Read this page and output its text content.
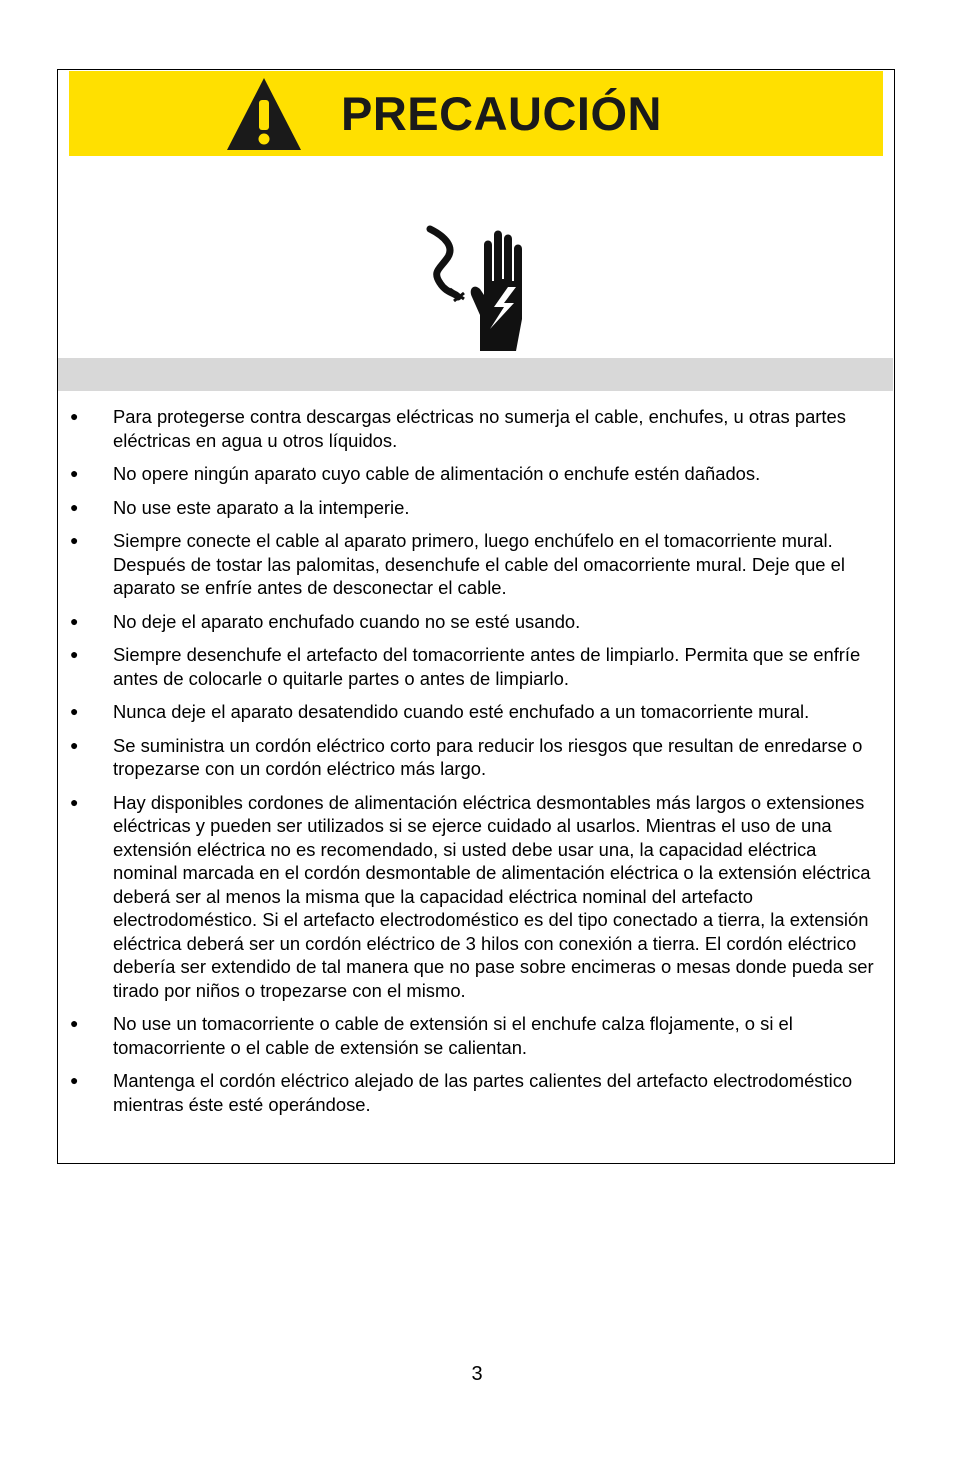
PRECAUCIÓN
● Para protegerse contra descargas eléctricas no sumerja el cable, enchufes, u otras partes eléctricas en agua u otros líquidos.
● No opere ningún aparato cuyo cable de alimentación o enchufe estén dañados.
● No use este aparato a la intemperie.
● Siempre conecte el cable al aparato primero, luego enchúfelo en el tomacorriente mural. Después de tostar las palomitas, desenchufe el cable del omacorriente mural. Deje que el aparato se enfríe antes de desconectar el cable.
● No deje el aparato enchufado cuando no se esté usando.
● Siempre desenchufe el artefacto del tomacorriente antes de limpiarlo. Permita que se enfríe antes de colocarle o quitarle partes o antes de limpiarlo.
● Nunca deje el aparato desatendido cuando esté enchufado a un tomacorriente mural.
● Se suministra un cordón eléctrico corto para reducir los riesgos que resultan de enredarse o tropezarse con un cordón eléctrico más largo.
● Hay disponibles cordones de alimentación eléctrica desmontables más largos o extensiones eléctricas y pueden ser utilizados si se ejerce cuidado al usarlos. Mientras el uso de una extensión eléctrica no es recomendado, si usted debe usar una, la capacidad eléctrica nominal marcada en el cordón desmontable de alimentación eléctrica o la extensión eléctrica deberá ser al menos la misma que la capacidad eléctrica nominal del artefacto electrodoméstico. Si el artefacto electrodoméstico es del tipo conectado a tierra, la extensión eléctrica deberá ser un cordón eléctrico de 3 hilos con conexión a tierra. El cordón eléctrico debería ser extendido de tal manera que no pase sobre encimeras o mesas donde pueda ser tirado por niños o tropezarse con el mismo.
● No use un tomacorriente o cable de extensión si el enchufe calza flojamente, o si el tomacorriente o el cable de extensión se calientan.
● Mantenga el cordón eléctrico alejado de las partes calientes del artefacto electrodoméstico mientras éste esté operándose.
3
